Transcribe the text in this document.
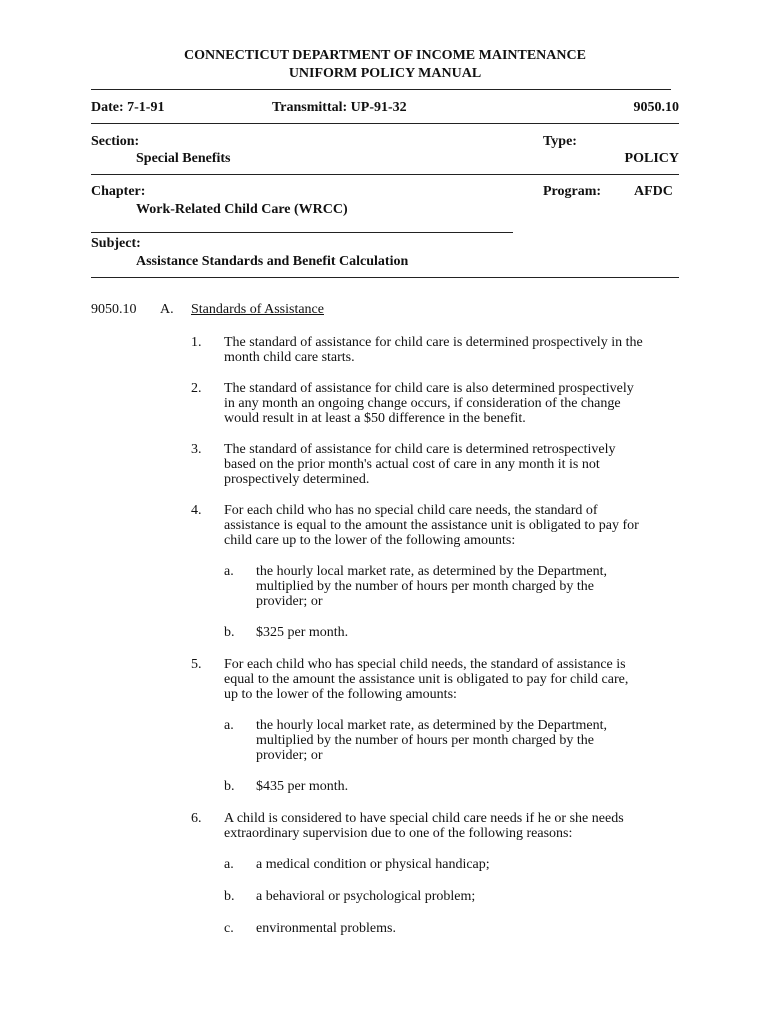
CONNECTICUT DEPARTMENT OF INCOME MAINTENANCE
UNIFORM POLICY MANUAL
Date: 7-1-91	Transmittal: UP-91-32	9050.10
Section:
Special Benefits
Type:
POLICY
Chapter:
Work-Related Child Care (WRCC)
Program: AFDC
Subject:
Assistance Standards and Benefit Calculation
9050.10 A. Standards of Assistance
1. The standard of assistance for child care is determined prospectively in the
month child care starts.
2. The standard of assistance for child care is also determined prospectively
in any month an ongoing change occurs, if consideration of the change
would result in at least a $50 difference in the benefit.
3. The standard of assistance for child care is determined retrospectively
based on the prior month's actual cost of care in any month it is not
prospectively determined.
4. For each child who has no special child care needs, the standard of
assistance is equal to the amount the assistance unit is obligated to pay for
child care up to the lower of the following amounts:
a. the hourly local market rate, as determined by the Department,
multiplied by the number of hours per month charged by the
provider; or
b. $325 per month.
5. For each child who has special child needs, the standard of assistance is
equal to the amount the assistance unit is obligated to pay for child care,
up to the lower of the following amounts:
a. the hourly local market rate, as determined by the Department,
multiplied by the number of hours per month charged by the
provider; or
b. $435 per month.
6. A child is considered to have special child care needs if he or she needs
extraordinary supervision due to one of the following reasons:
a. a medical condition or physical handicap;
b. a behavioral or psychological problem;
c. environmental problems.
